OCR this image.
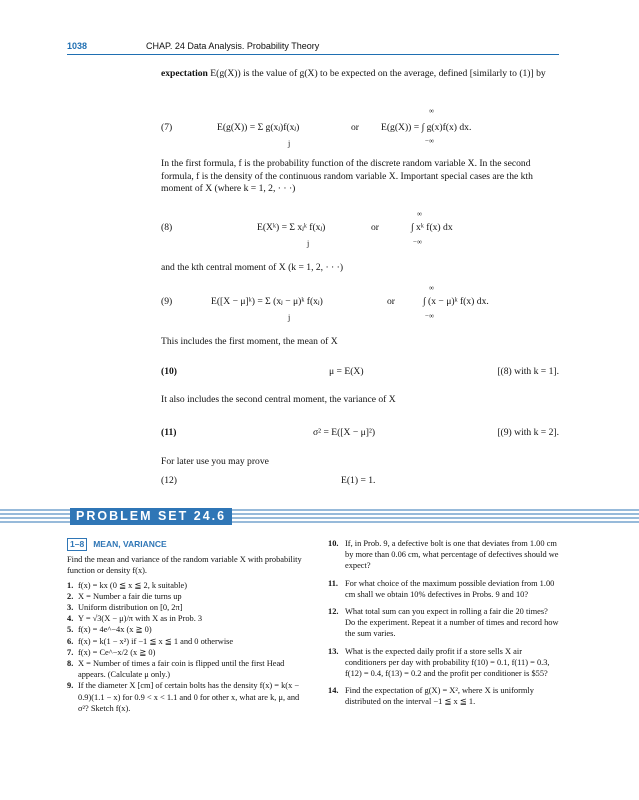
1038	CHAP. 24 Data Analysis. Probability Theory
expectation E(g(X)) is the value of g(X) to be expected on the average, defined [similarly to (1)] by
(7)	E(g(X)) = Σ g(xⱼ)f(xⱼ)
j
or
∞
E(g(X)) = ∫ g(x)f(x) dx.
−∞
In the first formula, f is the probability function of the discrete random variable X. In the second formula, f is the density of the continuous random variable X. Important special cases are the kth moment of X (where k = 1, 2, · · ·)
(8)	E(Xᵏ) = Σ xⱼᵏ f(xⱼ)
j
or
∞
∫ xᵏ f(x) dx
−∞
and the kth central moment of X (k = 1, 2, · · ·)
(9)	E([X − μ]ᵏ) = Σ (xⱼ − μ)ᵏ f(xⱼ)
j
or
∞
∫ (x − μ)ᵏ f(x) dx.
−∞
This includes the first moment, the mean of X
(10)	μ = E(X)	[(8) with k = 1].
It also includes the second central moment, the variance of X
(11)	σ² = E([X − μ]²)	[(9) with k = 2].
For later use you may prove
(12)	E(1) = 1.
PROBLEM SET 24.6
1–8 MEAN, VARIANCE
Find the mean and variance of the random variable X with probability function or density f(x).
1. f(x) = kx (0 ≦ x ≦ 2, k suitable)
2. X = Number a fair die turns up
3. Uniform distribution on [0, 2π]
4. Y = √3(X − μ)/π with X as in Prob. 3
5. f(x) = 4e^−4x (x ≧ 0)
6. f(x) = k(1 − x²) if −1 ≦ x ≦ 1 and 0 otherwise
7. f(x) = Ce^−x/2 (x ≧ 0)
8. X = Number of times a fair coin is flipped until the first Head appears. (Calculate μ only.)
9. If the diameter X [cm] of certain bolts has the density f(x) = k(x − 0.9)(1.1 − x) for 0.9 < x < 1.1 and 0 for other x, what are k, μ, and σ²? Sketch f(x).
10. If, in Prob. 9, a defective bolt is one that deviates from 1.00 cm by more than 0.06 cm, what percentage of defectives should we expect?
11. For what choice of the maximum possible deviation from 1.00 cm shall we obtain 10% defectives in Probs. 9 and 10?
12. What total sum can you expect in rolling a fair die 20 times? Do the experiment. Repeat it a number of times and record how the sum varies.
13. What is the expected daily profit if a store sells X air conditioners per day with probability f(10) = 0.1, f(11) = 0.3, f(12) = 0.4, f(13) = 0.2 and the profit per conditioner is $55?
14. Find the expectation of g(X) = X², where X is uniformly distributed on the interval −1 ≦ x ≦ 1.
